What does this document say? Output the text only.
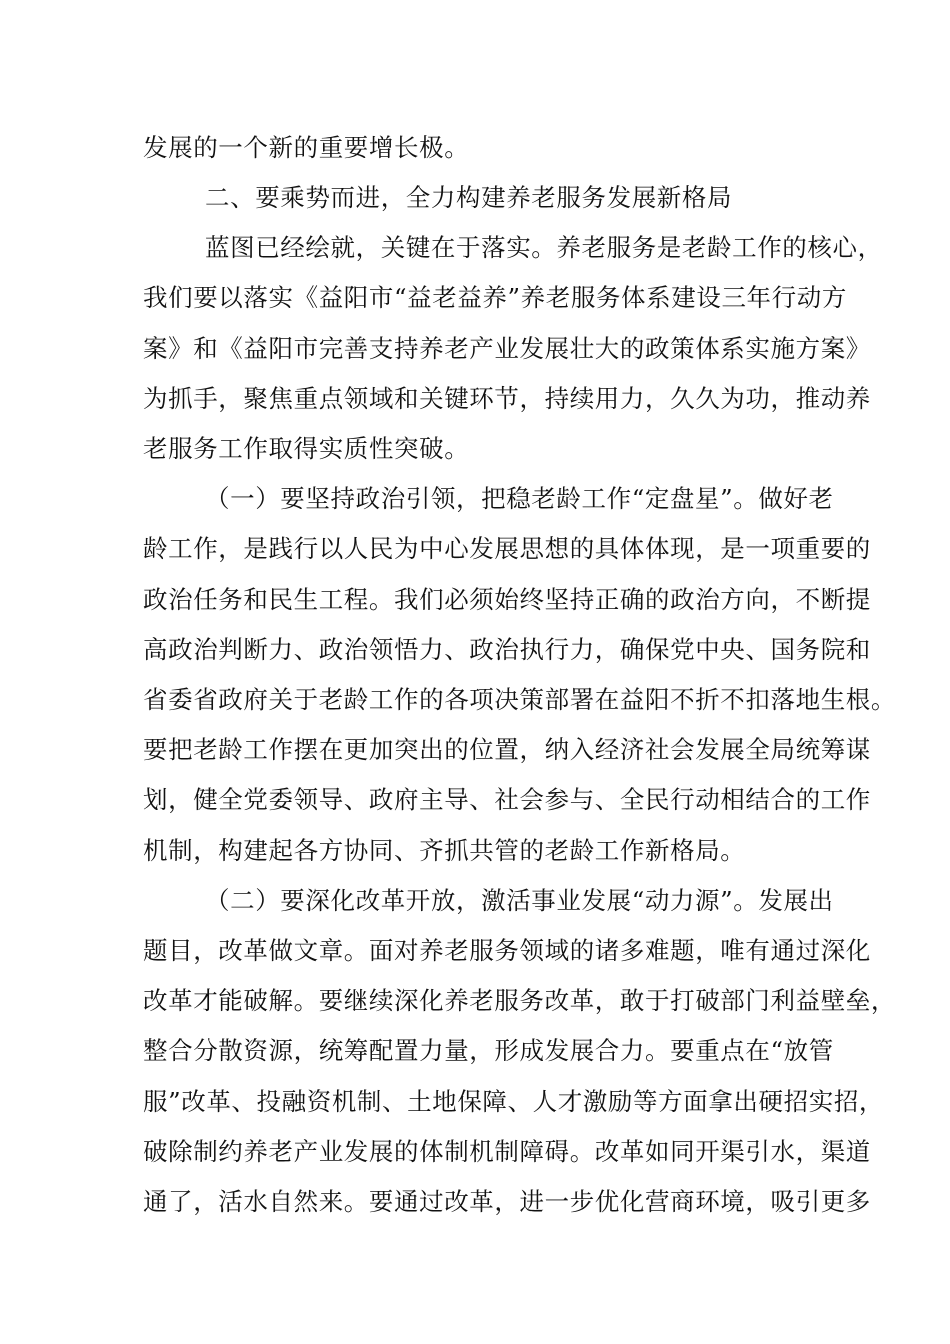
发展的一个新的重要增长极。
二、要乘势而进，全力构建养老服务发展新格局
蓝图已经绘就，关键在于落实。养老服务是老龄工作的核心，
我们要以落实《益阳市“益老益养”养老服务体系建设三年行动方
案》和《益阳市完善支持养老产业发展壮大的政策体系实施方案》
为抓手，聚焦重点领域和关键环节，持续用力，久久为功，推动养
老服务工作取得实质性突破。
（一）要坚持政治引领，把稳老龄工作“定盘星”。做好老
龄工作，是践行以人民为中心发展思想的具体体现，是一项重要的
政治任务和民生工程。我们必须始终坚持正确的政治方向，不断提
高政治判断力、政治领悟力、政治执行力，确保党中央、国务院和
省委省政府关于老龄工作的各项决策部署在益阳不折不扣落地生根。
要把老龄工作摆在更加突出的位置，纳入经济社会发展全局统筹谋
划，健全党委领导、政府主导、社会参与、全民行动相结合的工作
机制，构建起各方协同、齐抓共管的老龄工作新格局。
（二）要深化改革开放，激活事业发展“动力源”。发展出
题目，改革做文章。面对养老服务领域的诸多难题，唯有通过深化
改革才能破解。要继续深化养老服务改革，敢于打破部门利益壁垒，
整合分散资源，统筹配置力量，形成发展合力。要重点在“放管
服”改革、投融资机制、土地保障、人才激励等方面拿出硬招实招，
破除制约养老产业发展的体制机制障碍。改革如同开渠引水，渠道
通了，活水自然来。要通过改革，进一步优化营商环境，吸引更多
